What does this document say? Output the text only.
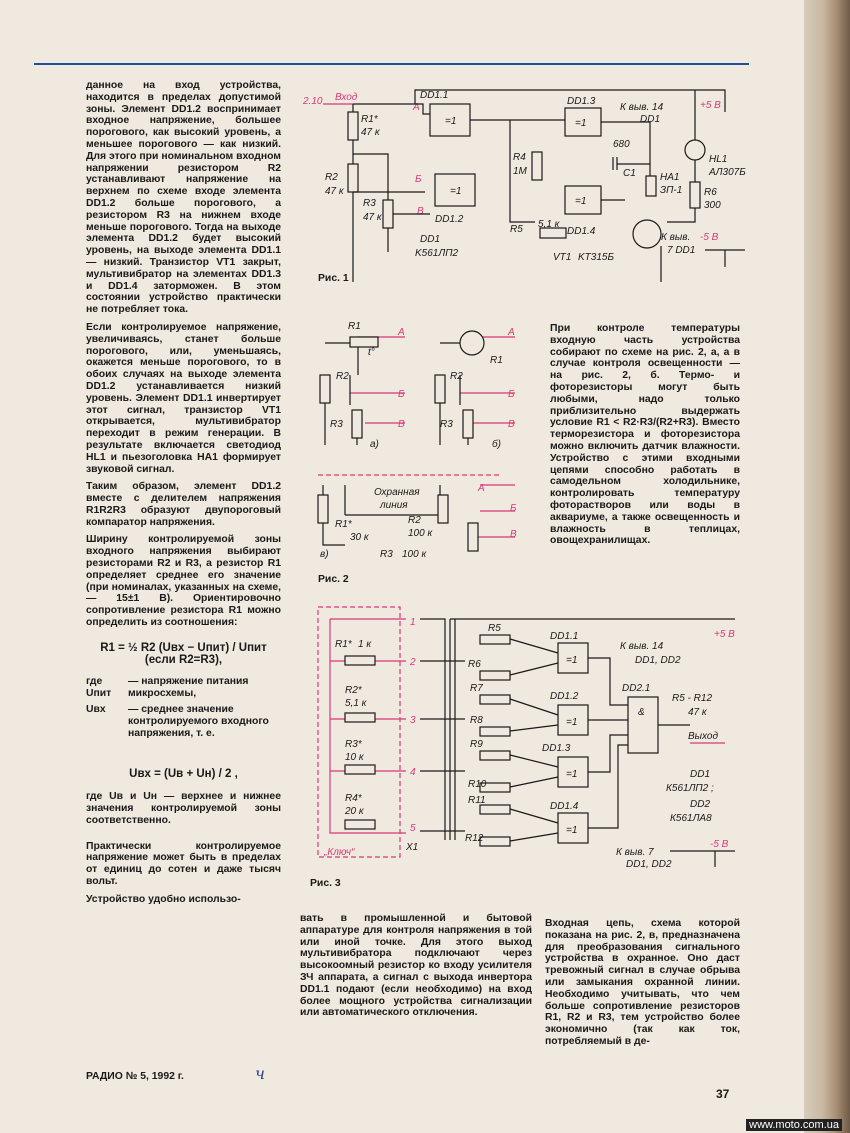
данное на вход устройства, находится в пределах допустимой зоны. Элемент DD1.2 воспринимает входное напряжение, большее порогового, как высокий уровень, а меньшее порогового — как низкий. Для этого при номинальном входном напряжении резистором R2 устанавливают напряжение на верхнем по схеме входе элемента DD1.2 больше порогового, а резистором R3 на нижнем входе меньше порогового. Тогда на выходе элемента DD1.2 будет высокий уровень, на выходе элемента DD1.1 — низкий. Транзистор VT1 закрыт, мультивибратор на элементах DD1.3 и DD1.4 заторможен. В этом состоянии устройство практически не потребляет тока.

Если контролируемое напряжение, увеличиваясь, станет больше порогового, или, уменьшаясь, окажется меньше порогового, то в обоих случаях на выходе элемента DD1.2 устанавливается низкий уровень. Элемент DD1.1 инвертирует этот сигнал, транзистор VT1 открывается, мультивибратор переходит в режим генерации. В результате включается светодиод HL1 и пьезоголовка HA1 формирует звуковой сигнал.

Таким образом, элемент DD1.2 вместе с делителем напряжения R1R2R3 образуют двупороговый компаратор напряжения.

Ширину контролируемой зоны входного напряжения выбирают резисторами R2 и R3, а резистор R1 определяет среднее его значение (при номиналах, указанных на схеме,— 15±1 В). Ориентировочно сопротивление резистора R1 можно определить из соотношения:

R1 = ½ R2 (Uвх − Uпит) / Uпит
(если R2=R3),
где Uпит
— напряжение питания микросхемы,
Uвх	— среднее значение контролируемого входного напряжения, т. е.
Uвх = (Uв + Uн) / 2 ,

где Uв и Uн — верхнее и нижнее значения контролируемой зоны соответственно.

Практически контролируемое напряжение может быть в пределах от единиц до сотен и даже тысяч вольт.

Устройство удобно использо-

вать в промышленной и бытовой аппаратуре для контроля напряжения в той или иной точке. Для этого выход мультивибратора подключают через высокоомный резистор ко входу усилителя ЗЧ аппарата, а сигнал с выхода инвертора DD1.1 подают (если необходимо) на вход более мощного устройства сигнализации или автоматического отключения.

При контроле температуры входную часть устройства собирают по схеме на рис. 2, а, а в случае контроля освещенности — на рис. 2, б. Термо- и фоторезисторы могут быть любыми, надо только приблизительно выдержать условие R1 < R2·R3/(R2+R3). Вместо терморезистора и фоторезистора можно включить датчик влажности. Устройство с этими входными цепями способно работать в самодельном холодильнике, контролировать температуру фоторастворов или воды в аквариуме, а также освещенность и влажность в теплицах, овощехранилищах.

Входная цепь, схема которой показана на рис. 2, в, предназначена для преобразования сигнального устройства в охранное. Оно даст тревожный сигнал в случае обрыва или замыкания охранной линии. Необходимо учитывать, что чем больше сопротивление резисторов R1, R2 и R3, тем устройство более экономично (так как ток, потребляемый в де-

2.10 Вход
+5 В
-5 В
А
Б
В
R1*
47 к
R2
47 к
R3
47 к
=1
DD1.1
=1
DD1.2
DD1
K561ЛП2
=1
DD1.3
=1
DD1.4
R4
1М	C1
680
HA1
ЗП-1
HL1
АЛ307Б
R6
300
R5 5,1 к
VT1 KT315Б
К выв. 14
DD1
К выв.
7 DD1
Рис. 1
А
Б
В
А
Б
В
А
Б
В
R1
t°
R2
R3
а)
R1
R2
R3
б)
R1*
30 к
Охранная
линия
R2
100 к
R3 100 к
в)
Рис. 2
„Ключ“
1
2
3
4
5
+5 В
-5 В
R1* 1 к
R2*
5,1 к
R3*
10 к
R4*
20 к
X1
R5
R6
R7
R8
R9
R10
R11
R12
=1
DD1.1
=1
DD1.2
=1
DD1.3
=1
DD1.4
&
DD2.1
К выв. 14
DD1, DD2
R5 - R12
47 к
Выход
DD1
К561ЛП2 ;
DD2
К561ЛА8
К выв. 7
DD1, DD2
Рис. 3
РАДИО № 5, 1992 г.	ч
37
www.moto.com.ua
